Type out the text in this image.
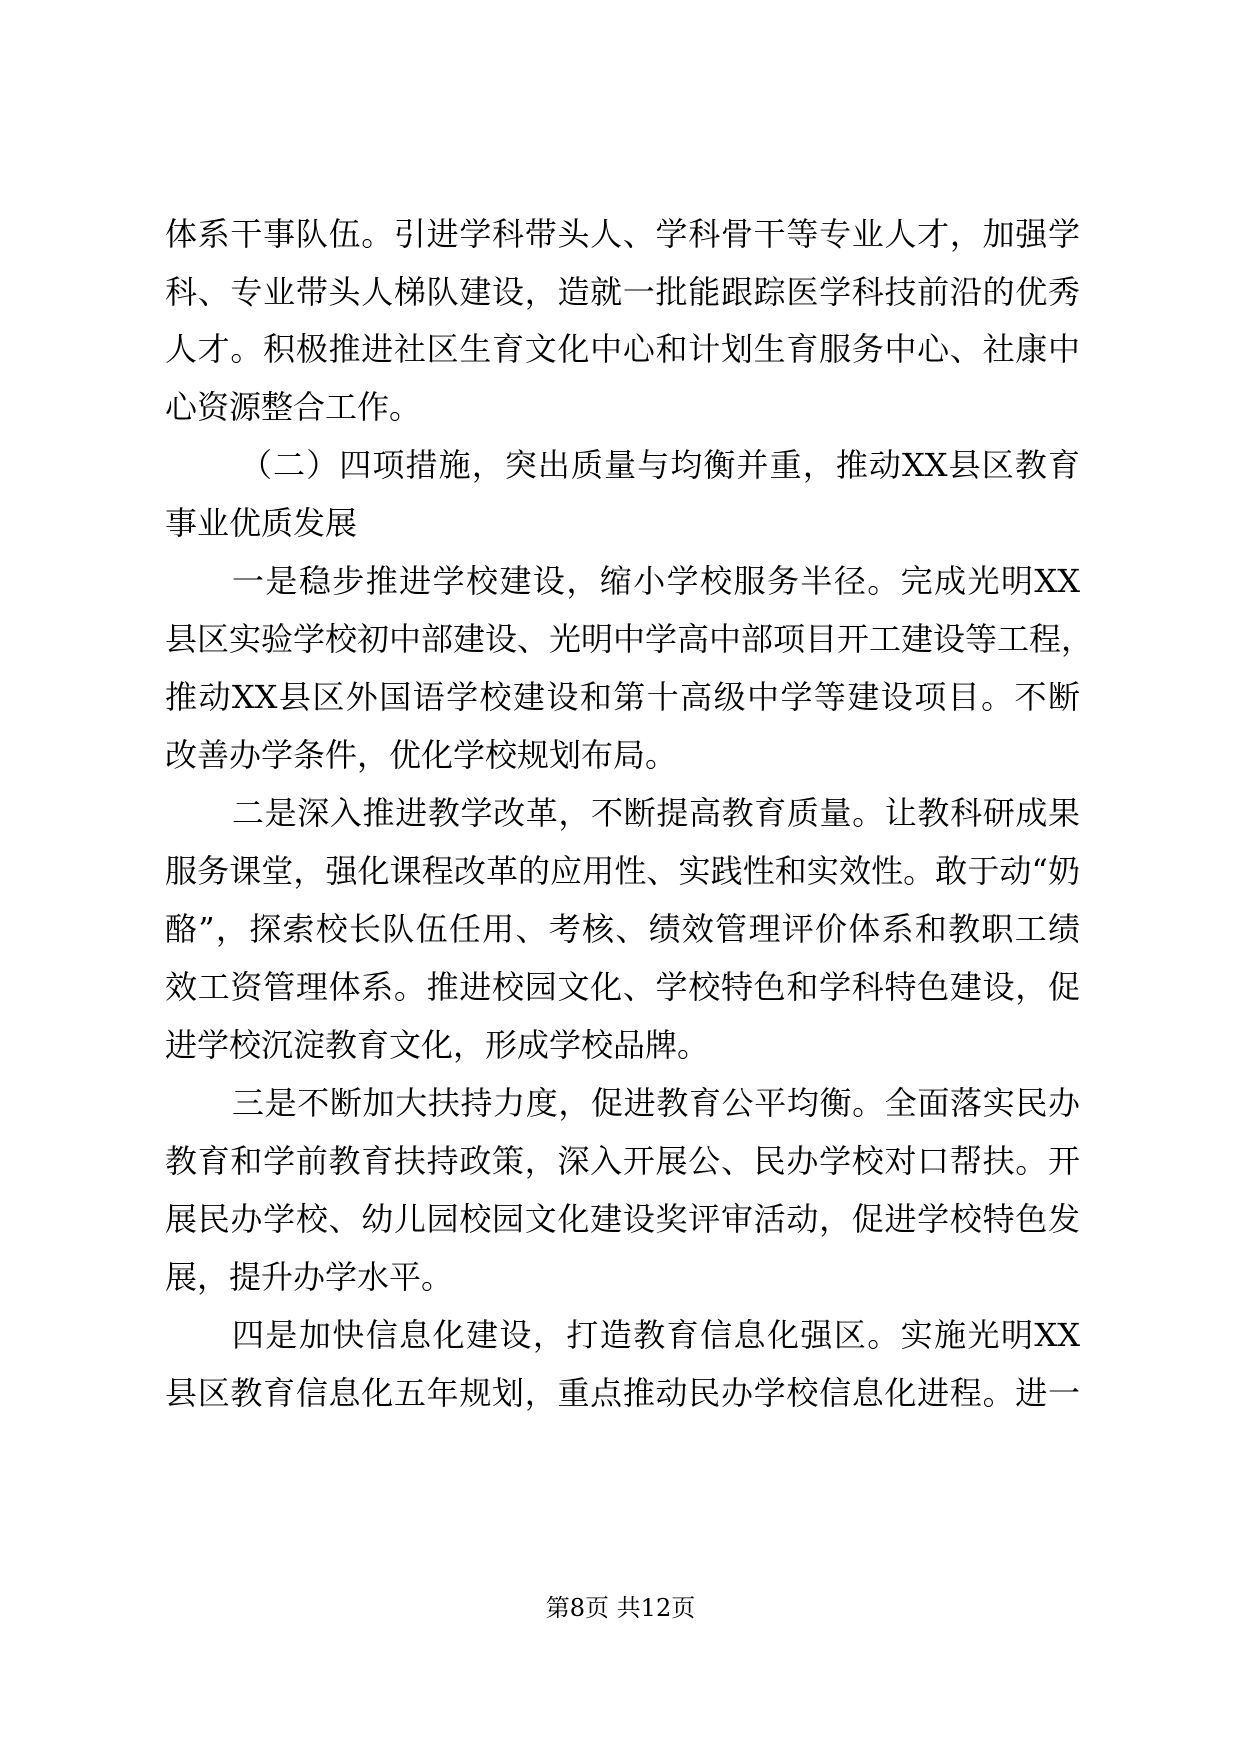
体系干事队伍。引进学科带头人、学科骨干等专业人才，加强学
科、专业带头人梯队建设，造就一批能跟踪医学科技前沿的优秀
人才。积极推进社区生育文化中心和计划生育服务中心、社康中
心资源整合工作。
（二）四项措施，突出质量与均衡并重，推动XX县区教育
事业优质发展
一是稳步推进学校建设，缩小学校服务半径。完成光明XX
县区实验学校初中部建设、光明中学高中部项目开工建设等工程，
推动XX县区外国语学校建设和第十高级中学等建设项目。不断
改善办学条件，优化学校规划布局。
二是深入推进教学改革，不断提高教育质量。让教科研成果
服务课堂，强化课程改革的应用性、实践性和实效性。敢于动“奶
酪”，探索校长队伍任用、考核、绩效管理评价体系和教职工绩
效工资管理体系。推进校园文化、学校特色和学科特色建设，促
进学校沉淀教育文化，形成学校品牌。
三是不断加大扶持力度，促进教育公平均衡。全面落实民办
教育和学前教育扶持政策，深入开展公、民办学校对口帮扶。开
展民办学校、幼儿园校园文化建设奖评审活动，促进学校特色发
展，提升办学水平。
四是加快信息化建设，打造教育信息化强区。实施光明XX
县区教育信息化五年规划，重点推动民办学校信息化进程。进一
第8页 共12页
